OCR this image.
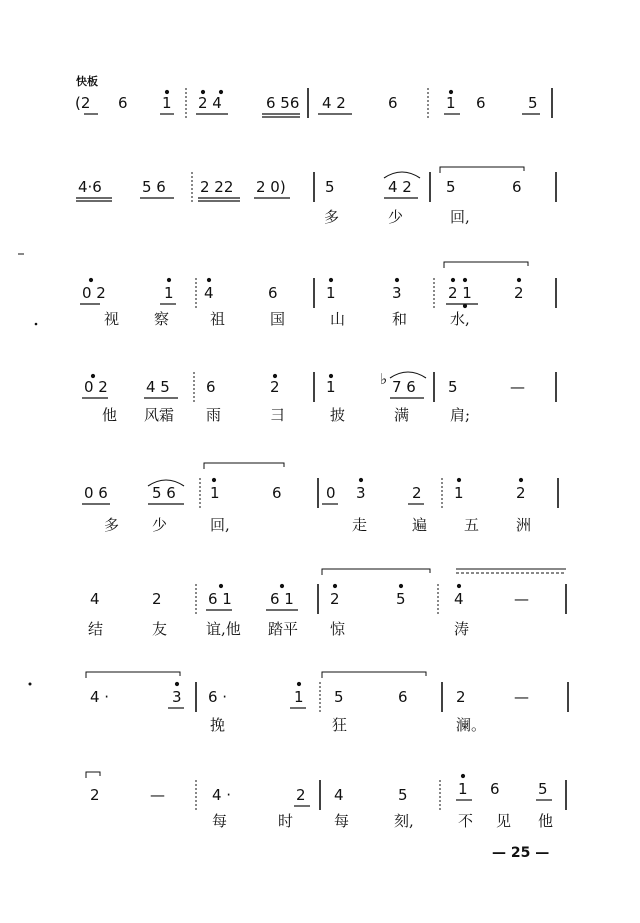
快板
(2 6 1 2 4	6 56 4 2	6	1 6	5
4·6	5 6 2 22 2 0)	5	4 2 5	6
多	少	回,
0 2	1 4	6	1	3	2 1	2
视 察	祖	国	山	和	水,
0 2	4 5 6	2	1	♭ 7 6 5	—
他 风霜 雨	彐	披	满	肩;
0 6	5 6 1	6	0 3	2 1	2
多 少	回,	走	遍 五 洲
4	2	6 1	6 1 2	5	4	—
结	友	谊,他 踏平 惊	涛
4 ·	3 6 ·	1 5	6	2	—
挽	狂	澜。
2	—	4 ·	2 4	5	1 6	5
每	时	每	刻,	不 见 他
— 25 —
